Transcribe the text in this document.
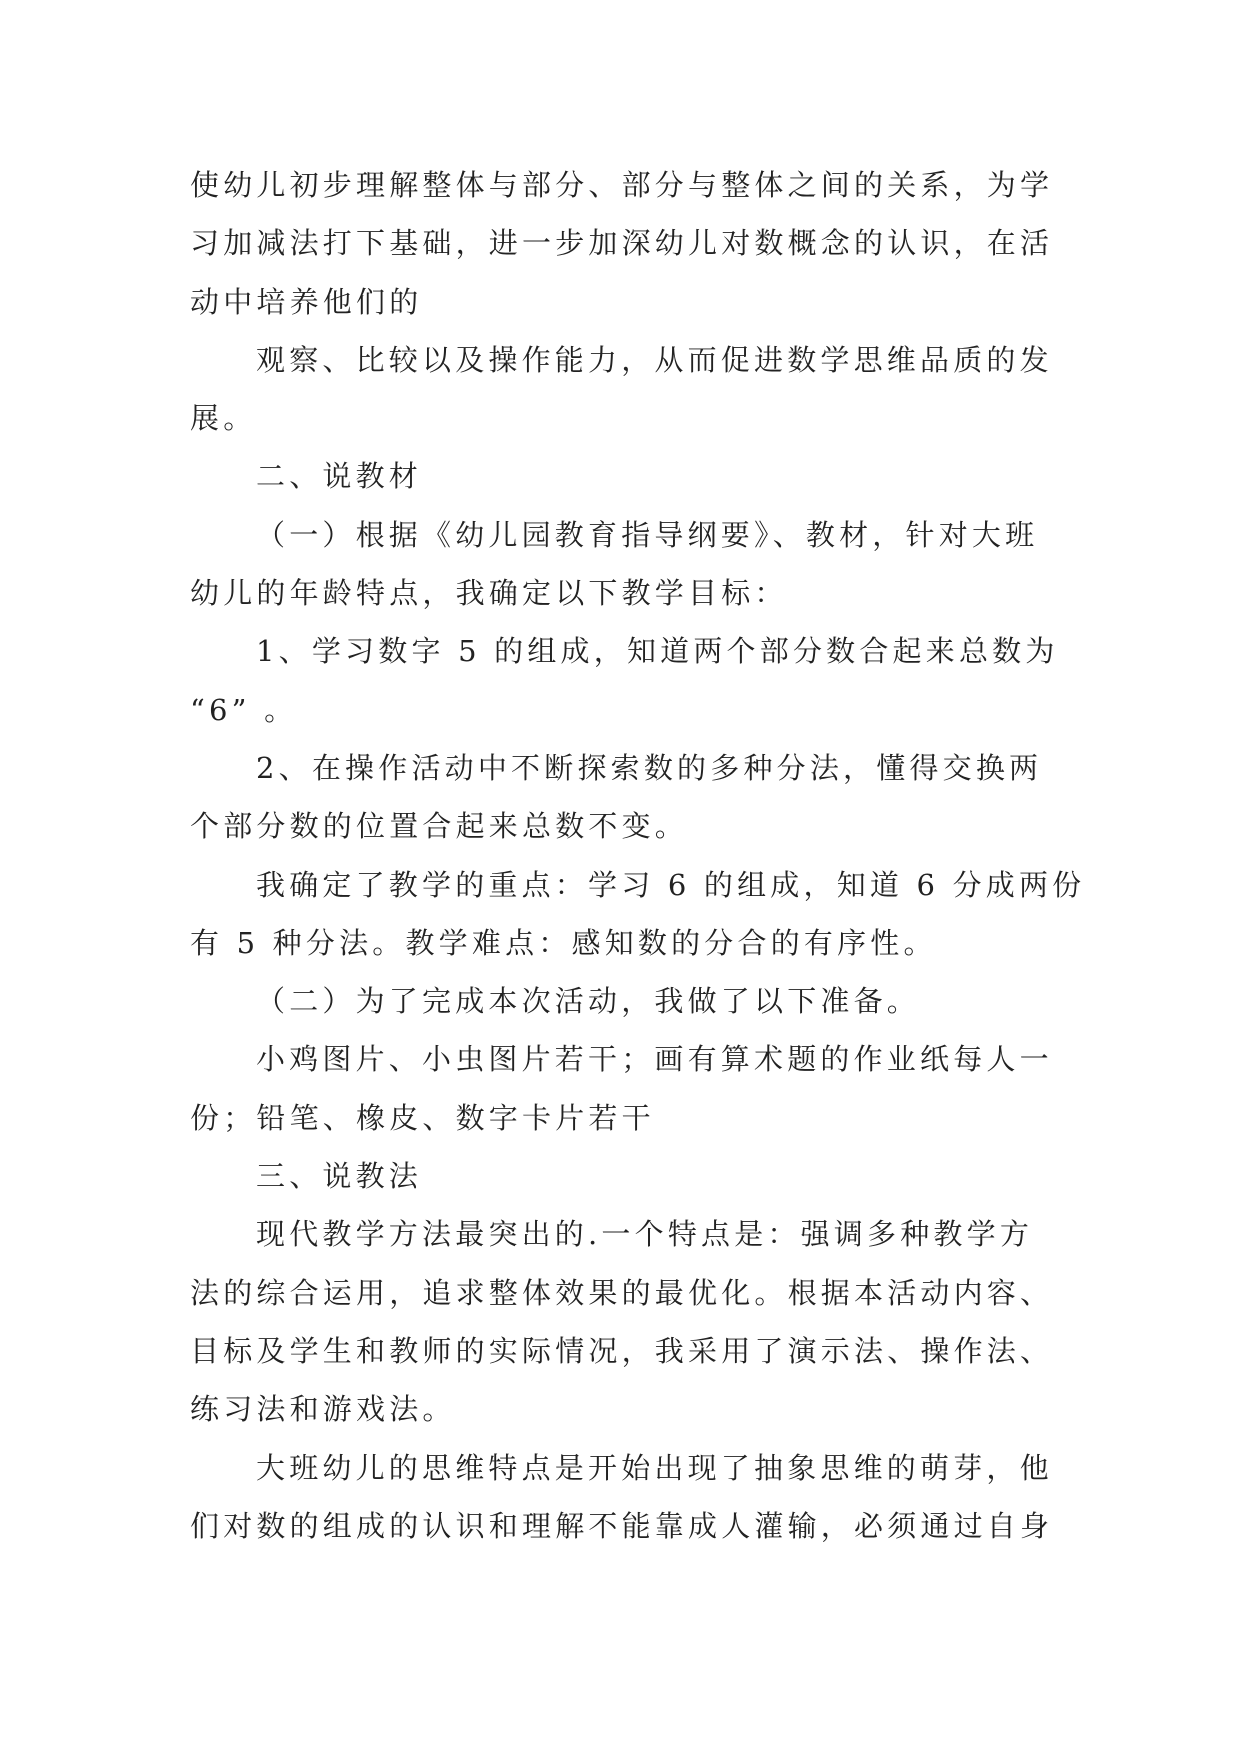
使幼儿初步理解整体与部分、部分与整体之间的关系，为学
习加减法打下基础，进一步加深幼儿对数概念的认识，在活
动中培养他们的
观察、比较以及操作能力，从而促进数学思维品质的发
展。
二、说教材
（一）根据《幼儿园教育指导纲要》、教材，针对大班
幼儿的年龄特点，我确定以下教学目标：
1、学习数字 5 的组成，知道两个部分数合起来总数为
“6” 。
2、在操作活动中不断探索数的多种分法，懂得交换两
个部分数的位置合起来总数不变。
我确定了教学的重点：学习 6 的组成，知道 6 分成两份
有 5 种分法。教学难点：感知数的分合的有序性。
（二）为了完成本次活动，我做了以下准备。
小鸡图片、小虫图片若干；画有算术题的作业纸每人一
份；铅笔、橡皮、数字卡片若干
三、说教法
现代教学方法最突出的.一个特点是：强调多种教学方
法的综合运用，追求整体效果的最优化。根据本活动内容、
目标及学生和教师的实际情况，我采用了演示法、操作法、
练习法和游戏法。
大班幼儿的思维特点是开始出现了抽象思维的萌芽，他
们对数的组成的认识和理解不能靠成人灌输，必须通过自身
